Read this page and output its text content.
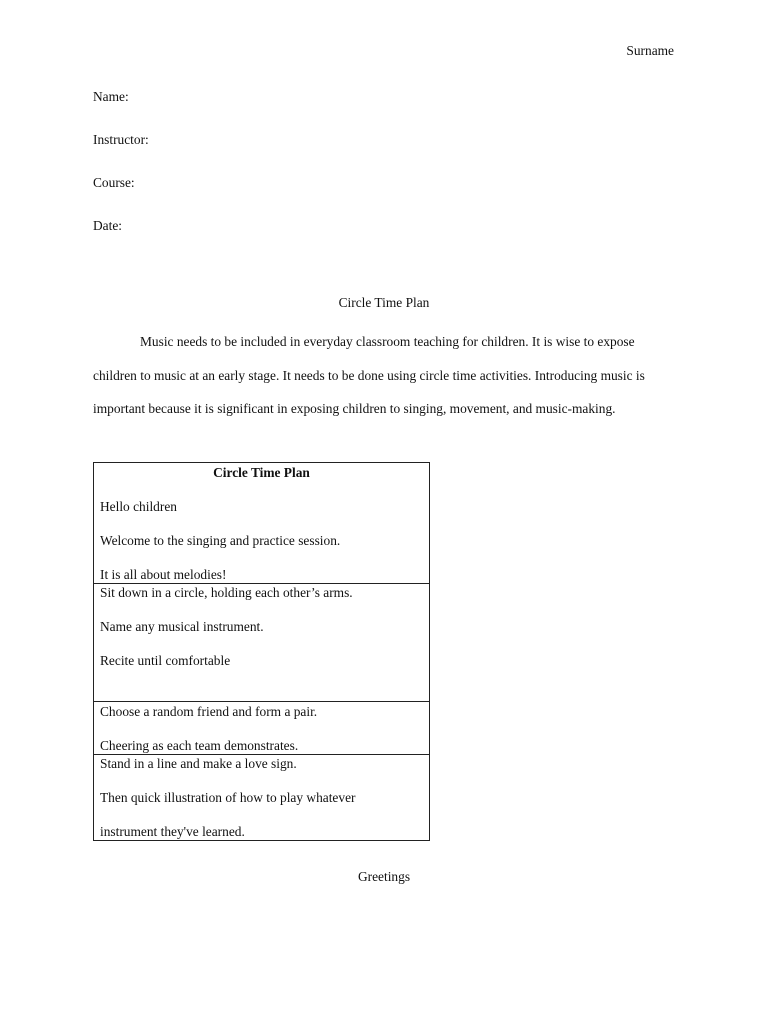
Surname
Name:
Instructor:
Course:
Date:
Circle Time Plan

Music needs to be included in everyday classroom teaching for children. It is wise to expose children to music at an early stage. It needs to be done using circle time activities. Introducing music is important because it is significant in exposing children to singing, movement, and music-making.

Circle Time Plan
Hello children
Welcome to the singing and practice session.
It is all about melodies!

Sit down in a circle, holding each other’s arms.
Name any musical instrument.
Recite until comfortable

Choose a random friend and form a pair.
Cheering as each team demonstrates.

Stand in a line and make a love sign.
Then quick illustration of how to play whatever
instrument they've learned.
Greetings
